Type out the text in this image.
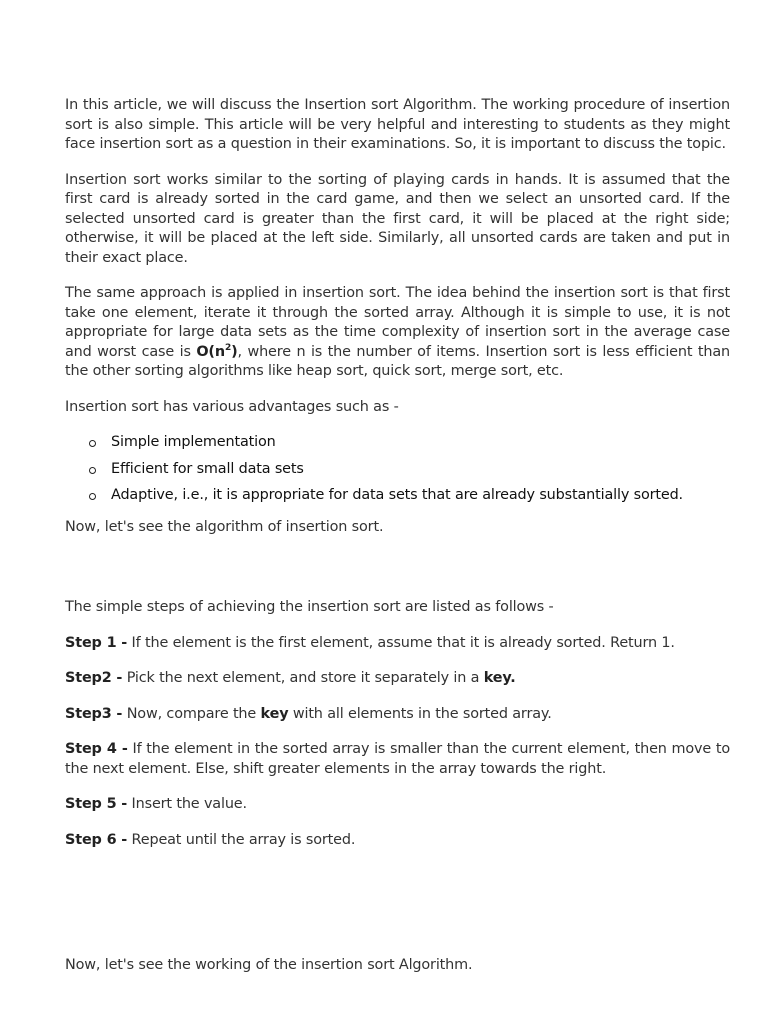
In this article, we will discuss the Insertion sort Algorithm. The working procedure of insertion sort is also simple. This article will be very helpful and interesting to students as they might face insertion sort as a question in their examinations. So, it is important to discuss the topic.

Insertion sort works similar to the sorting of playing cards in hands. It is assumed that the first card is already sorted in the card game, and then we select an unsorted card. If the selected unsorted card is greater than the first card, it will be placed at the right side; otherwise, it will be placed at the left side. Similarly, all unsorted cards are taken and put in their exact place.

The same approach is applied in insertion sort. The idea behind the insertion sort is that first take one element, iterate it through the sorted array. Although it is simple to use, it is not appropriate for large data sets as the time complexity of insertion sort in the average case and worst case is $O(n^2)$, where n is the number of items. Insertion sort is less efficient than the other sorting algorithms like heap sort, quick sort, merge sort, etc.

Insertion sort has various advantages such as -

Simple implementation
Efficient for small data sets
Adaptive, i.e., it is appropriate for data sets that are already substantially sorted.

Now, let's see the algorithm of insertion sort.

The simple steps of achieving the insertion sort are listed as follows -

Step 1 - If the element is the first element, assume that it is already sorted. Return 1.

Step2 - Pick the next element, and store it separately in a key.

Step3 - Now, compare the key with all elements in the sorted array.

Step 4 - If the element in the sorted array is smaller than the current element, then move to the next element. Else, shift greater elements in the array towards the right.

Step 5 - Insert the value.

Step 6 - Repeat until the array is sorted.

Now, let's see the working of the insertion sort Algorithm.
